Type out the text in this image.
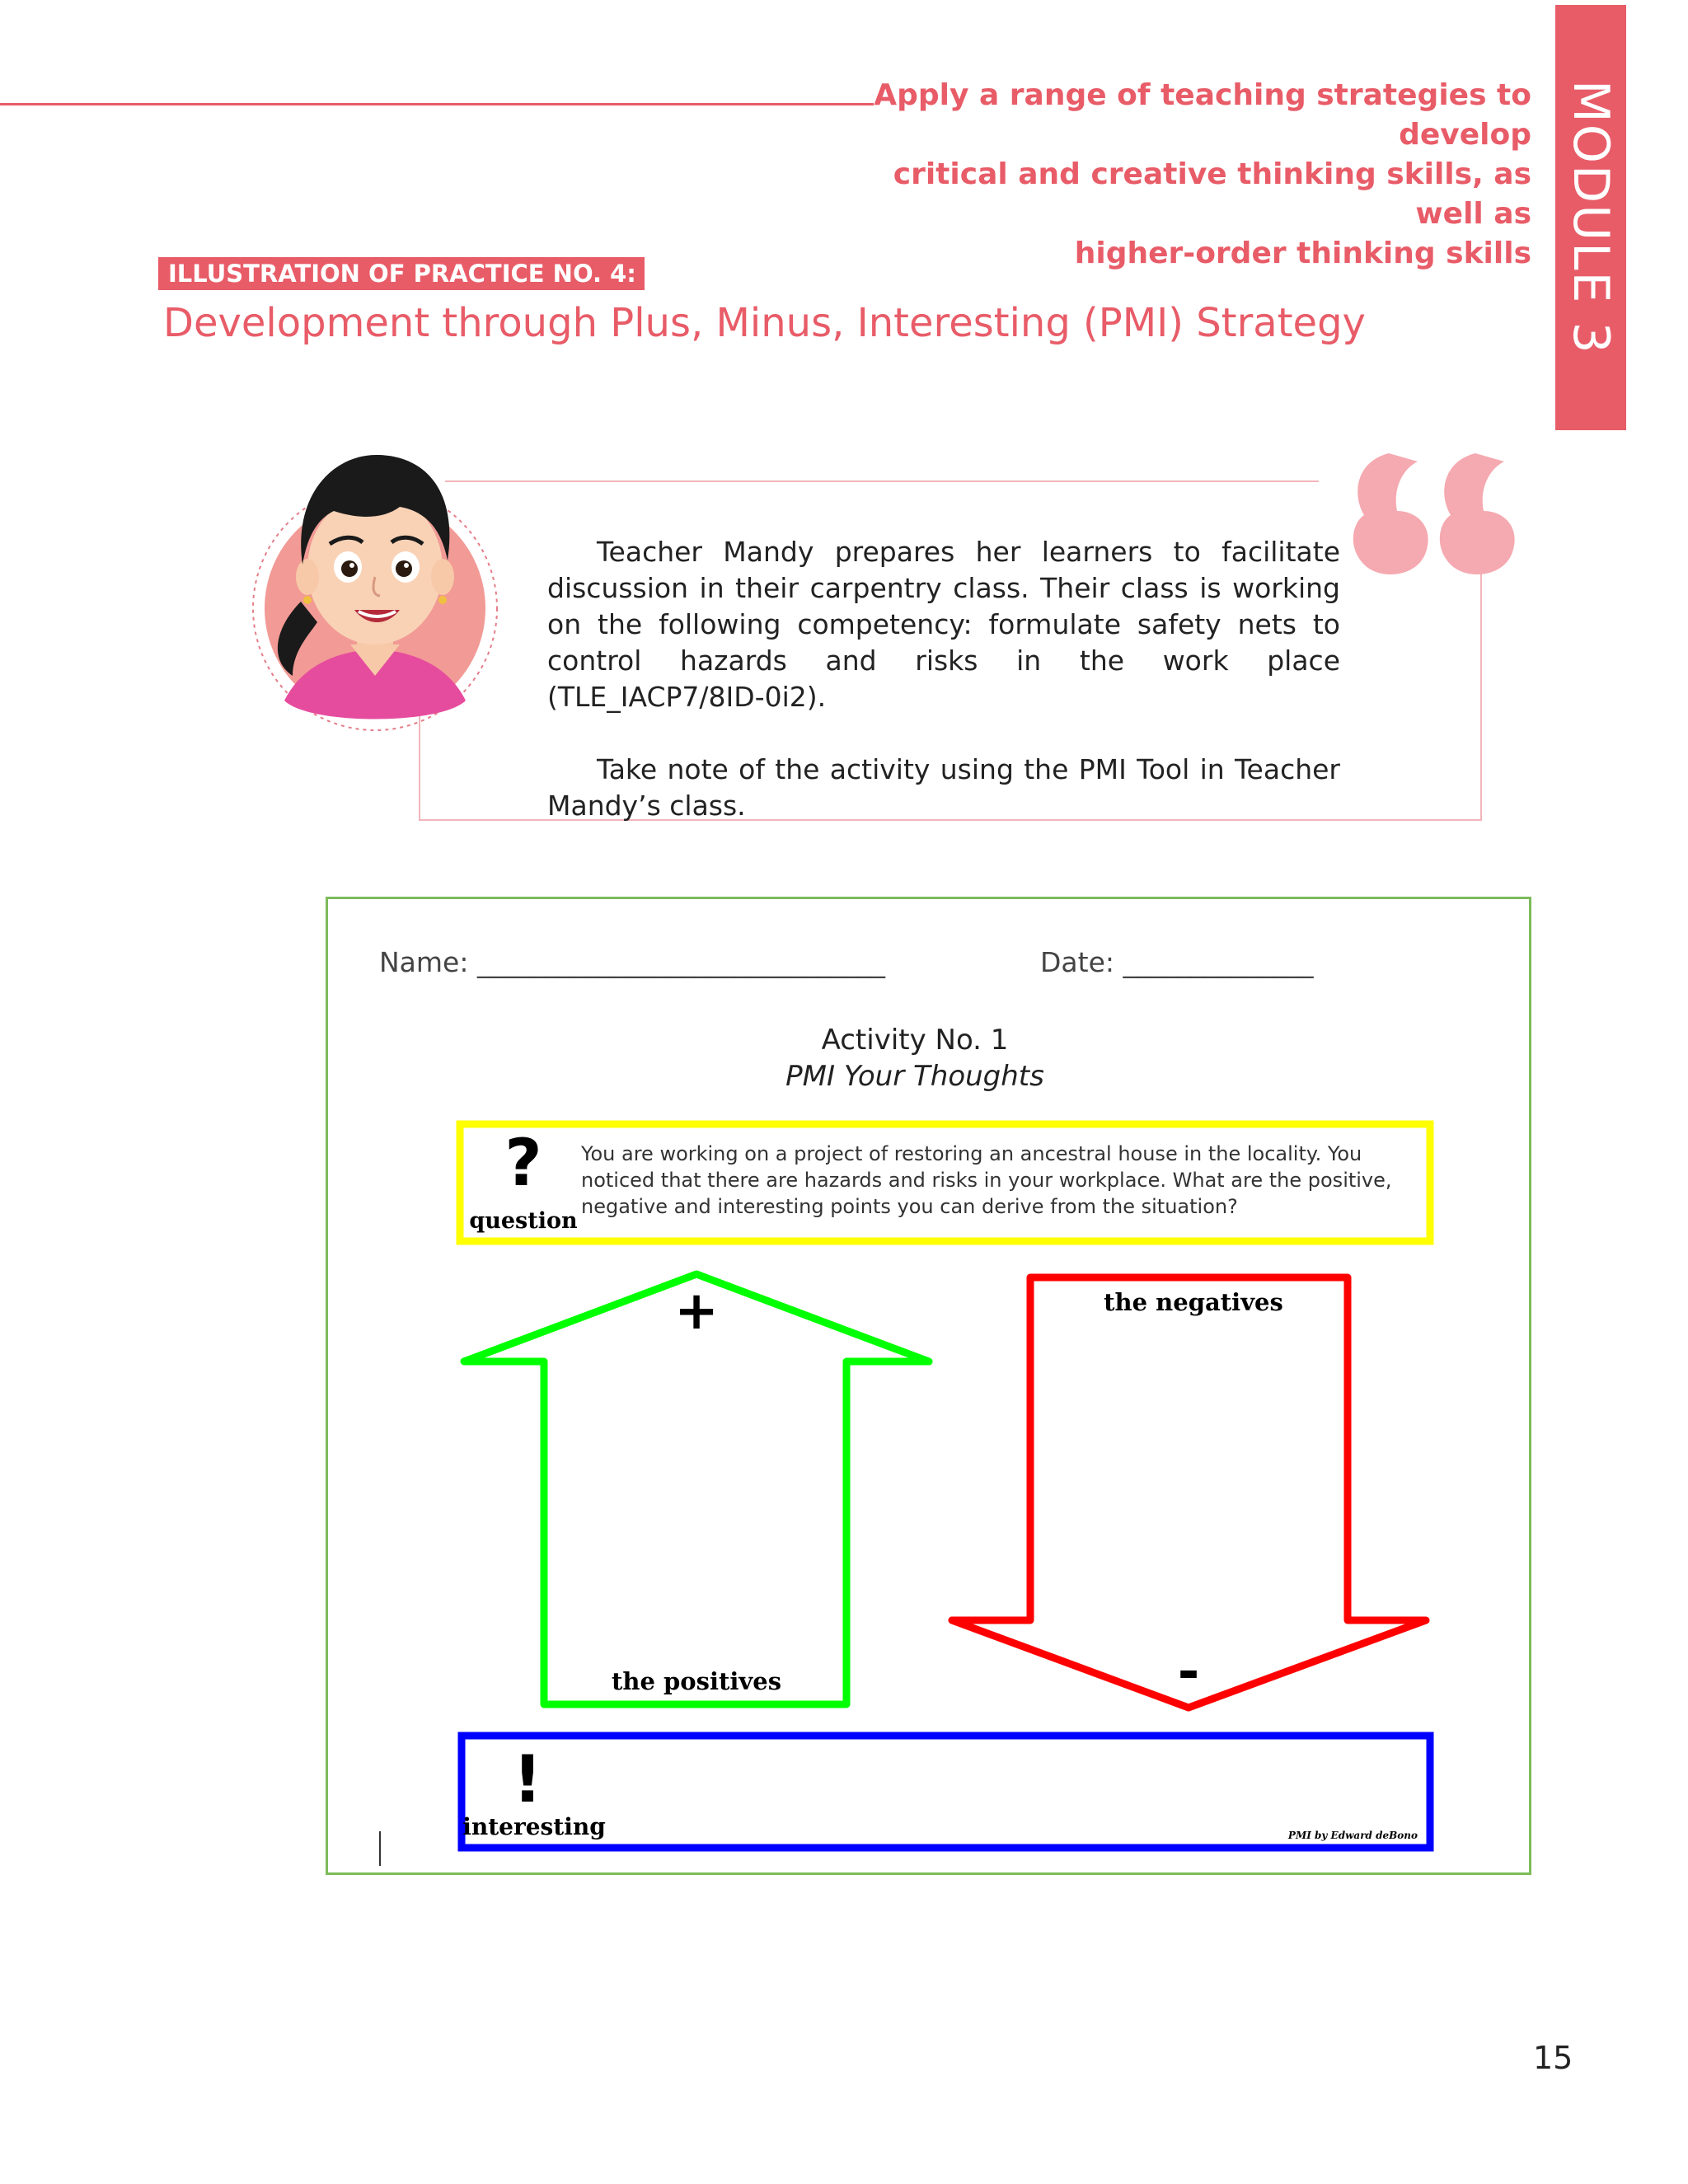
Apply a range of teaching strategies to develop
critical and creative thinking skills, as well as
higher-order thinking skills MODULE 3
ILLUSTRATION OF PRACTICE NO. 4:
Development through Plus, Minus, Interesting (PMI) Strategy

Teacher Mandy prepares her learners to facilitate discussion in their carpentry class. Their class is working on the following competency: formulate safety nets to control hazards and risks in the work place (TLE_IACP7/8ID-0i2).

Take note of the activity using the PMI Tool in Teacher Mandy’s class.

Name: ______________________________	Date: ______________
Activity No. 1
PMI Your Thoughts
?
question
+
the positives
the negatives
-
!
interesting	PMI by Edward deBono
You are working on a project of restoring an ancestral house in the locality. You noticed that there are hazards and risks in your workplace. What are the positive, negative and interesting points you can derive from the situation?
15
